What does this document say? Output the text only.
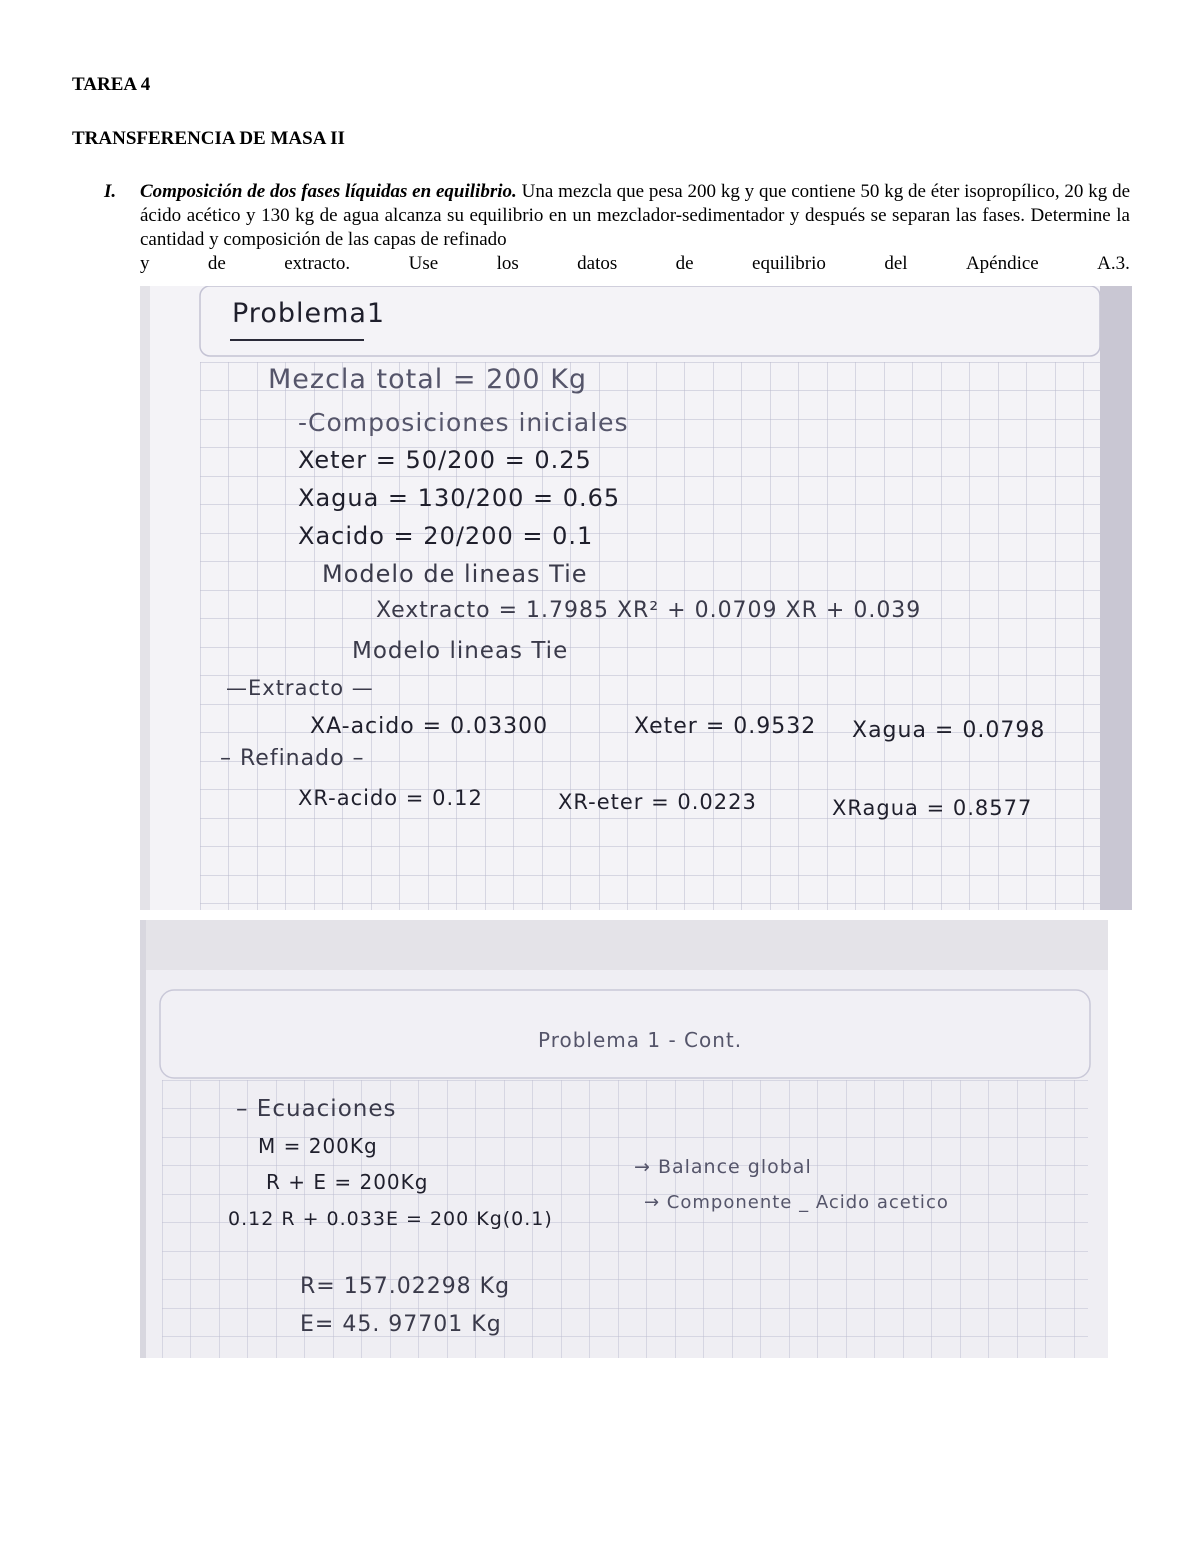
TAREA 4
TRANSFERENCIA DE MASA II
I. Composición de dos fases líquidas en equilibrio. Una mezcla que pesa 200 kg y que contiene 50 kg de éter isopropílico, 20 kg de ácido acético y 130 kg de agua alcanza su equilibrio en un mezclador-sedimentador y después se separan las fases. Determine la cantidad y composición de las capas de refinado
y	de	extracto.	Use	los	datos	de	equilibrio	del	Apéndice	A.3.
Problema1
Mezcla total = 200 Kg
-Composiciones iniciales
Xeter = 50/200 = 0.25
Xagua = 130/200 = 0.65
Xacido = 20/200 = 0.1
Modelo de lineas Tie
Xextracto = 1.7985 XR² + 0.0709 XR + 0.039
Modelo lineas Tie
—Extracto —
XA-acido = 0.03300	Xeter = 0.9532 Xagua = 0.0798
– Refinado –
XR-acido = 0.12	XR-eter = 0.0223	XRagua = 0.8577
Problema 1 - Cont.
– Ecuaciones
M = 200Kg
R + E = 200Kg
→ Balance global
0.12 R + 0.033E = 200 Kg(0.1)
→ Componente _ Acido acetico
R= 157.02298 Kg
E= 45. 97701 Kg
